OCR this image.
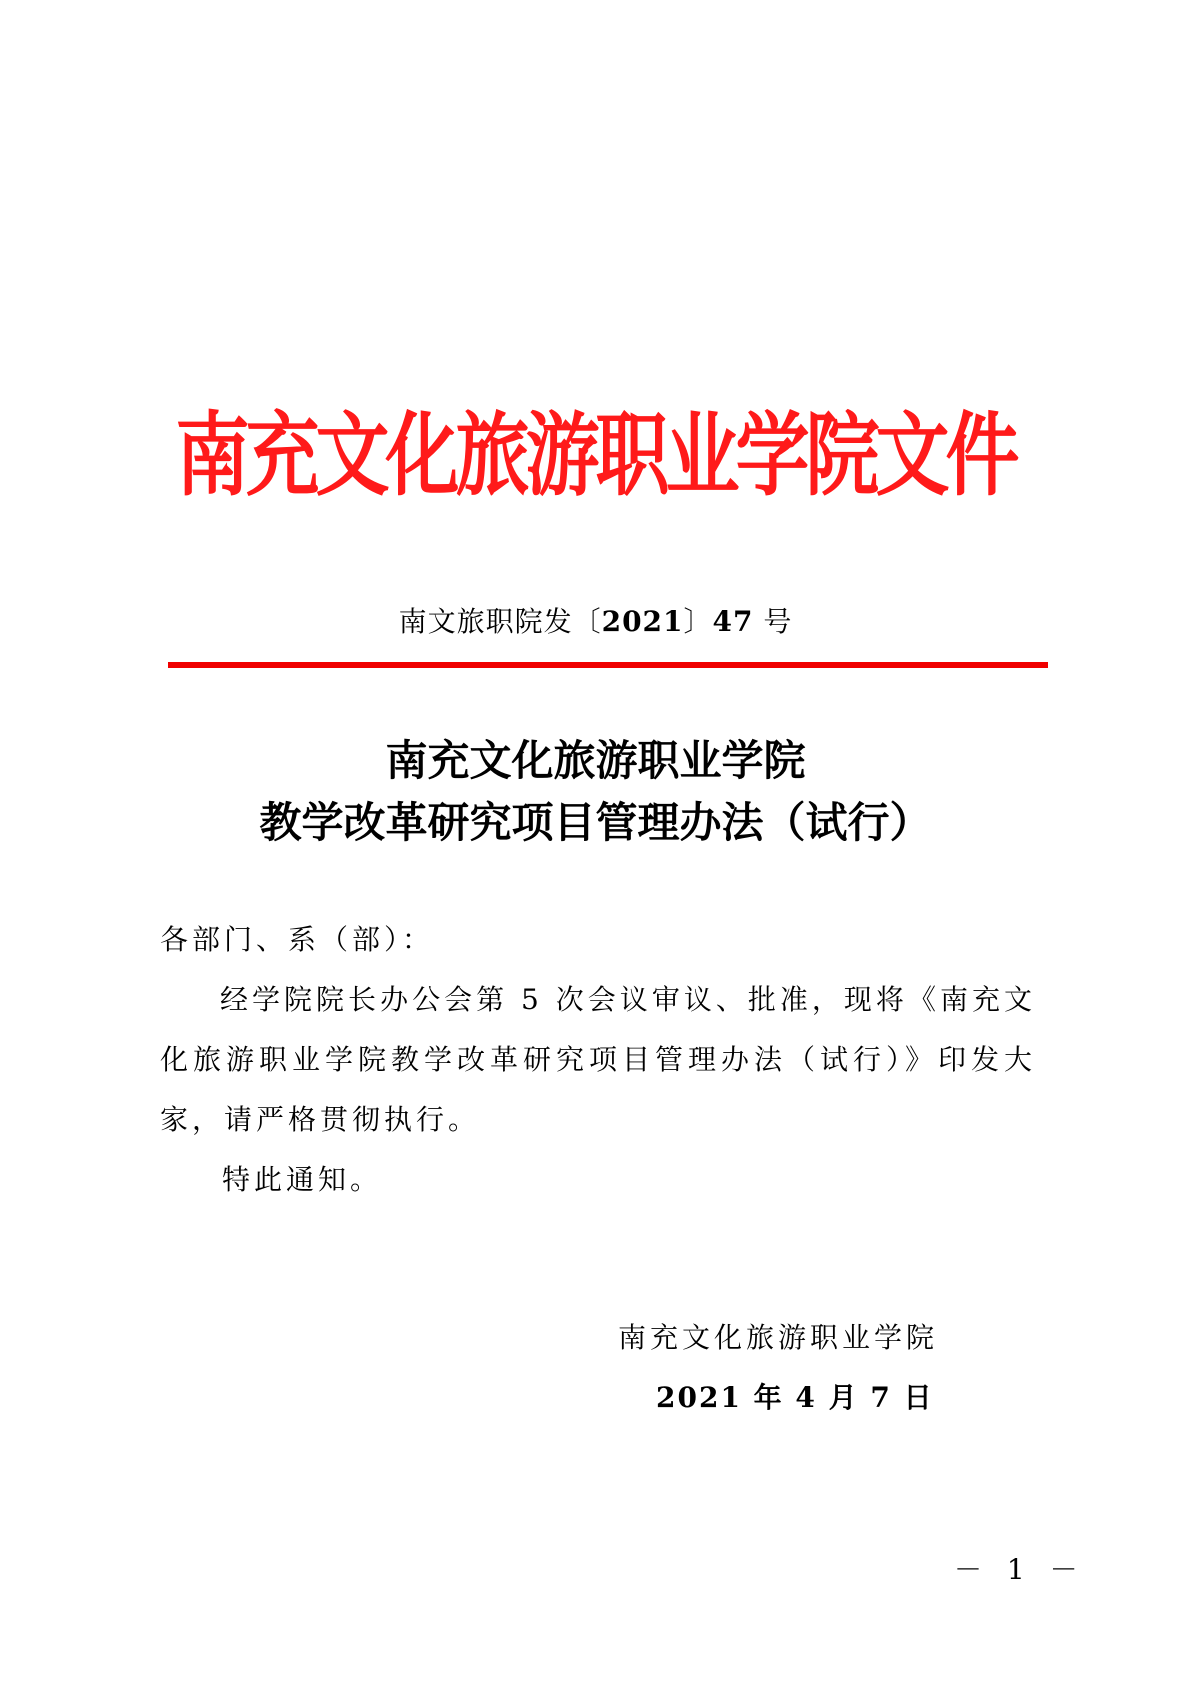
南充文化旅游职业学院文件
南文旅职院发〔2021〕47 号
南充文化旅游职业学院
教学改革研究项目管理办法（试行）
各部门、系（部）：
经学院院长办公会第 5 次会议审议、批准，现将《南充文化旅游职业学院教学改革研究项目管理办法（试行）》印发大家，请严格贯彻执行。
特此通知。
南充文化旅游职业学院
2021 年 4 月 7 日
－ 1 －
